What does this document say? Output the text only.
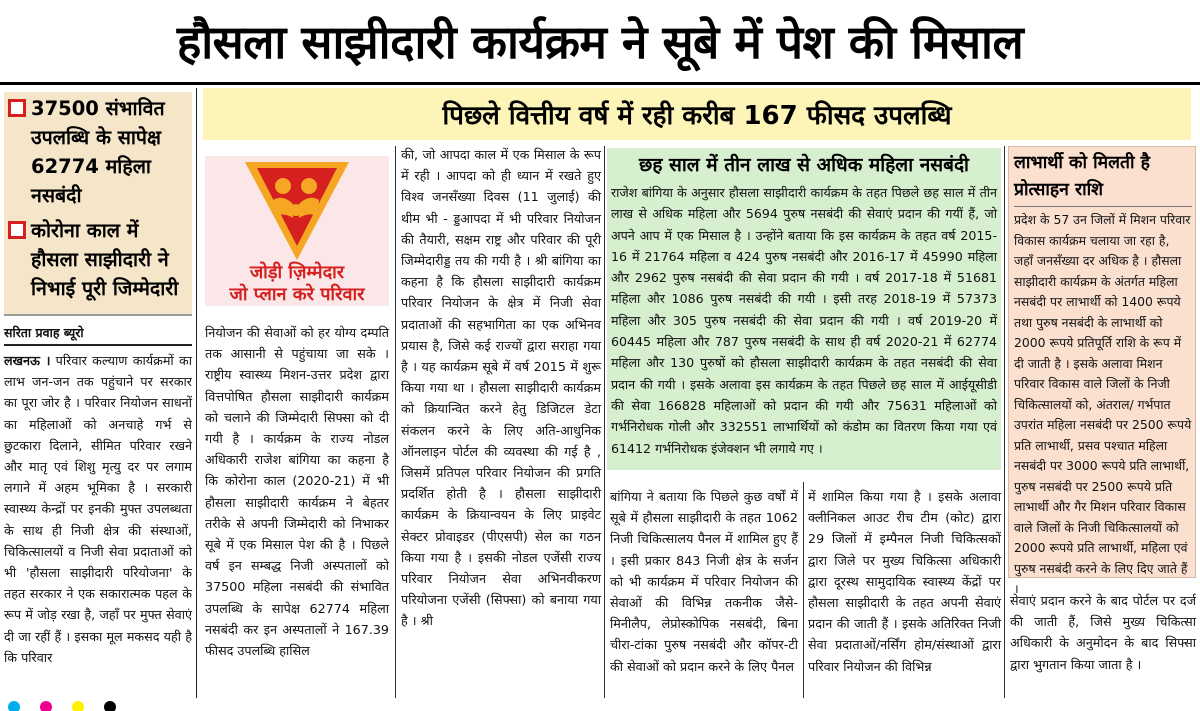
हौसला साझीदारी कार्यक्रम ने सूबे में पेश की मिसाल
37500 संभावित उपलब्धि के सापेक्ष 62774 महिला नसबंदी
कोरोना काल में हौसला साझीदारी ने निभाई पूरी जिम्मेदारी
सरिता प्रवाह ब्यूरो
लखनऊ । परिवार कल्याण कार्यक्रमों का लाभ जन-जन तक पहुंचाने पर सरकार का पूरा जोर है । परिवार नियोजन साधनों का महिलाओं को अनचाहे गर्भ से छुटकारा दिलाने, सीमित परिवार रखने और मातृ एवं शिशु मृत्यु दर पर लगाम लगाने में अहम भूमिका है । सरकारी स्वास्थ्य केन्द्रों पर इनकी मुफ्त उपलब्धता के साथ ही निजी क्षेत्र की संस्थाओं, चिकित्सालयों व निजी सेवा प्रदाताओं को भी 'हौसला साझीदारी परियोजना' के तहत सरकार ने एक सकारात्मक पहल के रूप में जोड़ रखा है, जहाँ पर मुफ्त सेवाएं दी जा रहीं हैं । इसका मूल मकसद यही है कि परिवार
पिछले वित्तीय वर्ष में रही करीब 167 फीसद उपलब्धि
जोड़ी ज़िम्मेदार
जो प्लान करे परिवार
नियोजन की सेवाओं को हर योग्य दम्पति तक आसानी से पहुंचाया जा सके । राष्ट्रीय स्वास्थ्य मिशन-उत्तर प्रदेश द्वारा वित्तपोषित हौसला साझीदारी कार्यक्रम को चलाने की जिम्मेदारी सिफ्सा को दी गयी है । कार्यक्रम के राज्य नोडल अधिकारी राजेश बांगिया का कहना है कि कोरोना काल (2020-21) में भी हौसला साझीदारी कार्यक्रम ने बेहतर तरीके से अपनी जिम्मेदारी को निभाकर सूबे में एक मिसाल पेश की है । पिछले वर्ष इन सम्बद्ध निजी अस्पतालों को 37500 महिला नसबंदी की संभावित उपलब्धि के सापेक्ष 62774 महिला नसबंदी कर इन अस्पतालों ने 167.39 फीसद उपलब्धि हासिल
की, जो आपदा काल में एक मिसाल के रूप में रही । आपदा को ही ध्यान में रखते हुए विश्व जनसँख्या दिवस (11 जुलाई) की थीम भी - ड्डआपदा में भी परिवार नियोजन की तैयारी, सक्षम राष्ट्र और परिवार की पूरी जिम्मेदारीड्ड तय की गयी है । श्री बांगिया का कहना है कि हौसला साझीदारी कार्यक्रम परिवार नियोजन के क्षेत्र में निजी सेवा प्रदाताओं की सहभागिता का एक अभिनव प्रयास है, जिसे कई राज्यों द्वारा सराहा गया है । यह कार्यक्रम सूबे में वर्ष 2015 में शुरू किया गया था । हौसला साझीदारी कार्यक्रम को क्रियान्वित करने हेतु डिजिटल डेटा संकलन करने के लिए अति-आधुनिक ऑनलाइन पोर्टल की व्यवस्था की गई है , जिसमें प्रतिपल परिवार नियोजन की प्रगति प्रदर्शित होती है । हौसला साझीदारी कार्यक्रम के क्रियान्वयन के लिए प्राइवेट सेक्टर प्रोवाइडर (पीएसपी) सेल का गठन किया गया है । इसकी नोडल एजेंसी राज्य परिवार नियोजन सेवा अभिनवीकरण परियोजना एजेंसी (सिफ्सा) को बनाया गया है । श्री
छह साल में तीन लाख से अधिक महिला नसबंदी
राजेश बांगिया के अनुसार हौसला साझीदारी कार्यक्रम के तहत पिछले छह साल में तीन लाख से अधिक महिला और 5694 पुरुष नसबंदी की सेवाएं प्रदान की गयीं हैं, जो अपने आप में एक मिसाल है । उन्होंने बताया कि इस कार्यक्रम के तहत वर्ष 2015-16 में 21764 महिला व 424 पुरुष नसबंदी और 2016-17 में 45990 महिला और 2962 पुरुष नसबंदी की सेवा प्रदान की गयी । वर्ष 2017-18 में 51681 महिला और 1086 पुरुष नसबंदी की गयी । इसी तरह 2018-19 में 57373 महिला और 305 पुरुष नसबंदी की सेवा प्रदान की गयी । वर्ष 2019-20 में 60445 महिला और 787 पुरुष नसबंदी के साथ ही वर्ष 2020-21 में 62774 महिला और 130 पुरुषों को हौसला साझीदारी कार्यक्रम के तहत नसबंदी की सेवा प्रदान की गयी । इसके अलावा इस कार्यक्रम के तहत पिछले छह साल में आईयूसीडी की सेवा 166828 महिलाओं को प्रदान की गयी और 75631 महिलाओं को गर्भनिरोधक गोली और 332551 लाभार्थियों को कंडोम का वितरण किया गया एवं 61412 गर्भनिरोधक इंजेक्शन भी लगाये गए ।
बांगिया ने बताया कि पिछले कुछ वर्षों में सूबे में हौसला साझीदारी के तहत 1062 निजी चिकित्सालय पैनल में शामिल हुए हैं । इसी प्रकार 843 निजी क्षेत्र के सर्जन को भी कार्यक्रम में परिवार नियोजन की सेवाओं की विभिन्न तकनीक जैसे- मिनीलैप, लेप्रोस्कोपिक नसबंदी, बिना चीरा-टांका पुरुष नसबंदी और कॉपर-टी की सेवाओं को प्रदान करने के लिए पैनल
में शामिल किया गया है । इसके अलावा क्लीनिकल आउट रीच टीम (कोट) द्वारा 29 जिलों में इम्पैनल निजी चिकित्सकों द्वारा जिले पर मुख्य चिकित्सा अधिकारी द्वारा दूरस्थ सामुदायिक स्वास्थ्य केंद्रों पर हौसला साझीदारी के तहत अपनी सेवाएं प्रदान की जाती हैं । इसके अतिरिक्त निजी सेवा प्रदाताओं/नर्सिंग होम/संस्थाओं द्वारा परिवार नियोजन की विभिन्न
लाभार्थी को मिलती है प्रोत्साहन राशि
प्रदेश के 57 उन जिलों में मिशन परिवार विकास कार्यक्रम चलाया जा रहा है, जहाँ जनसँख्या दर अधिक है । हौसला साझीदारी कार्यक्रम के अंतर्गत महिला नसबंदी पर लाभार्थी को 1400 रूपये तथा पुरुष नसबंदी के लाभार्थी को 2000 रूपये प्रतिपूर्ति राशि के रूप में दी जाती है । इसके अलावा मिशन परिवार विकास वाले जिलों के निजी चिकित्सालयों को, अंतराल/ गर्भपात उपरांत महिला नसबंदी पर 2500 रूपये प्रति लाभार्थी, प्रसव पश्चात महिला नसबंदी पर 3000 रूपये प्रति लाभार्थी, पुरुष नसबंदी पर 2500 रूपये प्रति लाभार्थी और गैर मिशन परिवार विकास वाले जिलों के निजी चिकित्सालयों को 2000 रूपये प्रति लाभार्थी, महिला एवं पुरुष नसबंदी करने के लिए दिए जाते हैं ।
सेवाएं प्रदान करने के बाद पोर्टल पर दर्ज की जाती हैं, जिसे मुख्य चिकित्सा अधिकारी के अनुमोदन के बाद सिफ्सा द्वारा भुगतान किया जाता है ।
